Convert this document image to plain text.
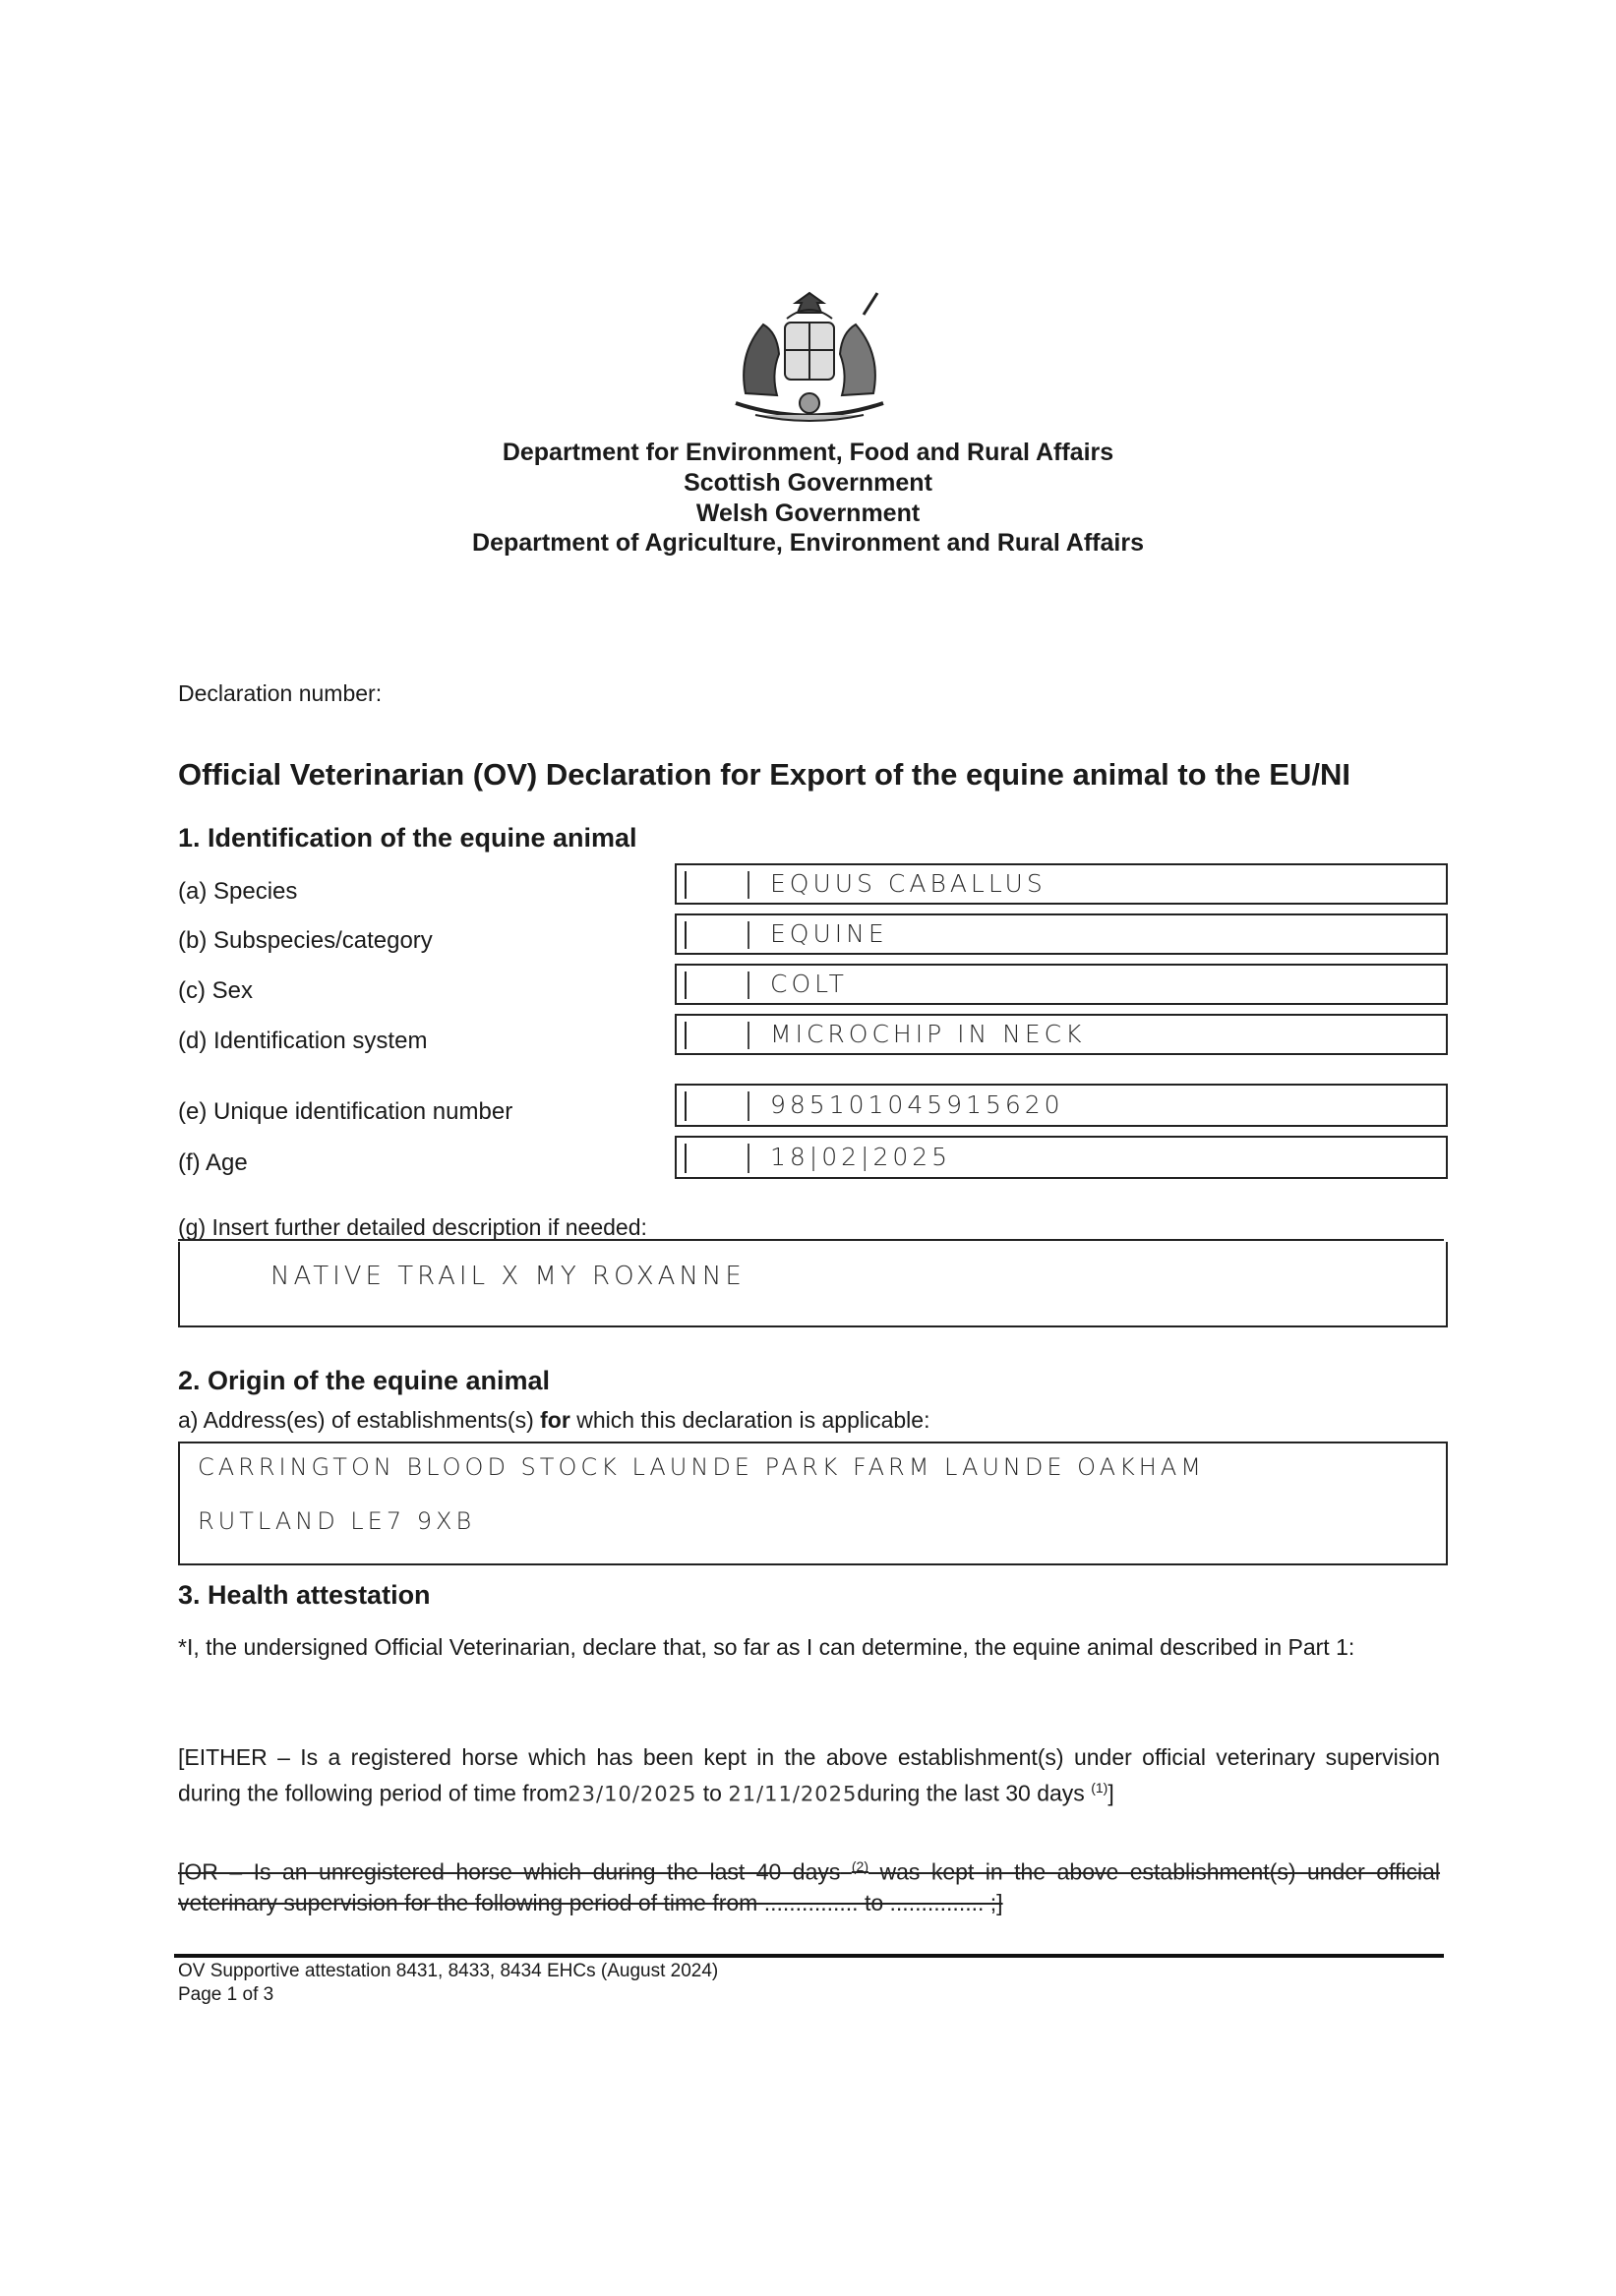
Department for Environment, Food and Rural Affairs
Scottish Government
Welsh Government
Department of Agriculture, Environment and Rural Affairs
Declaration number:
Official Veterinarian (OV) Declaration for Export of the equine animal to the EU/NI
1. Identification of the equine animal
(a) Species
(b) Subspecies/category
(c) Sex
(d) Identification system
(e) Unique identification number
(f) Age
EQUUS CABALLUS
EQUINE
COLT
MICROCHIP IN NECK
985101045915620
18|02|2025
(g) Insert further detailed description if needed:
NATIVE TRAIL X MY ROXANNE
2. Origin of the equine animal
a) Address(es) of establishments(s) for which this declaration is applicable:
CARRINGTON BLOOD STOCK LAUNDE PARK FARM LAUNDE OAKHAM
RUTLAND LE7 9XB
3. Health attestation
*I, the undersigned Official Veterinarian, declare that, so far as I can determine, the equine animal described in Part 1:
[EITHER – Is a registered horse which has been kept in the above establishment(s) under official veterinary supervision during the following period of time from23/10/2025 to 21/11/2025during the last 30 days $^{(1)}$]
[OR – Is an unregistered horse which during the last 40 days $^{(2)}$ was kept in the above establishment(s) under official veterinary supervision for the following period of time from ............... to ............... ;]
OV Supportive attestation 8431, 8433, 8434 EHCs (August 2024)
Page 1 of 3
